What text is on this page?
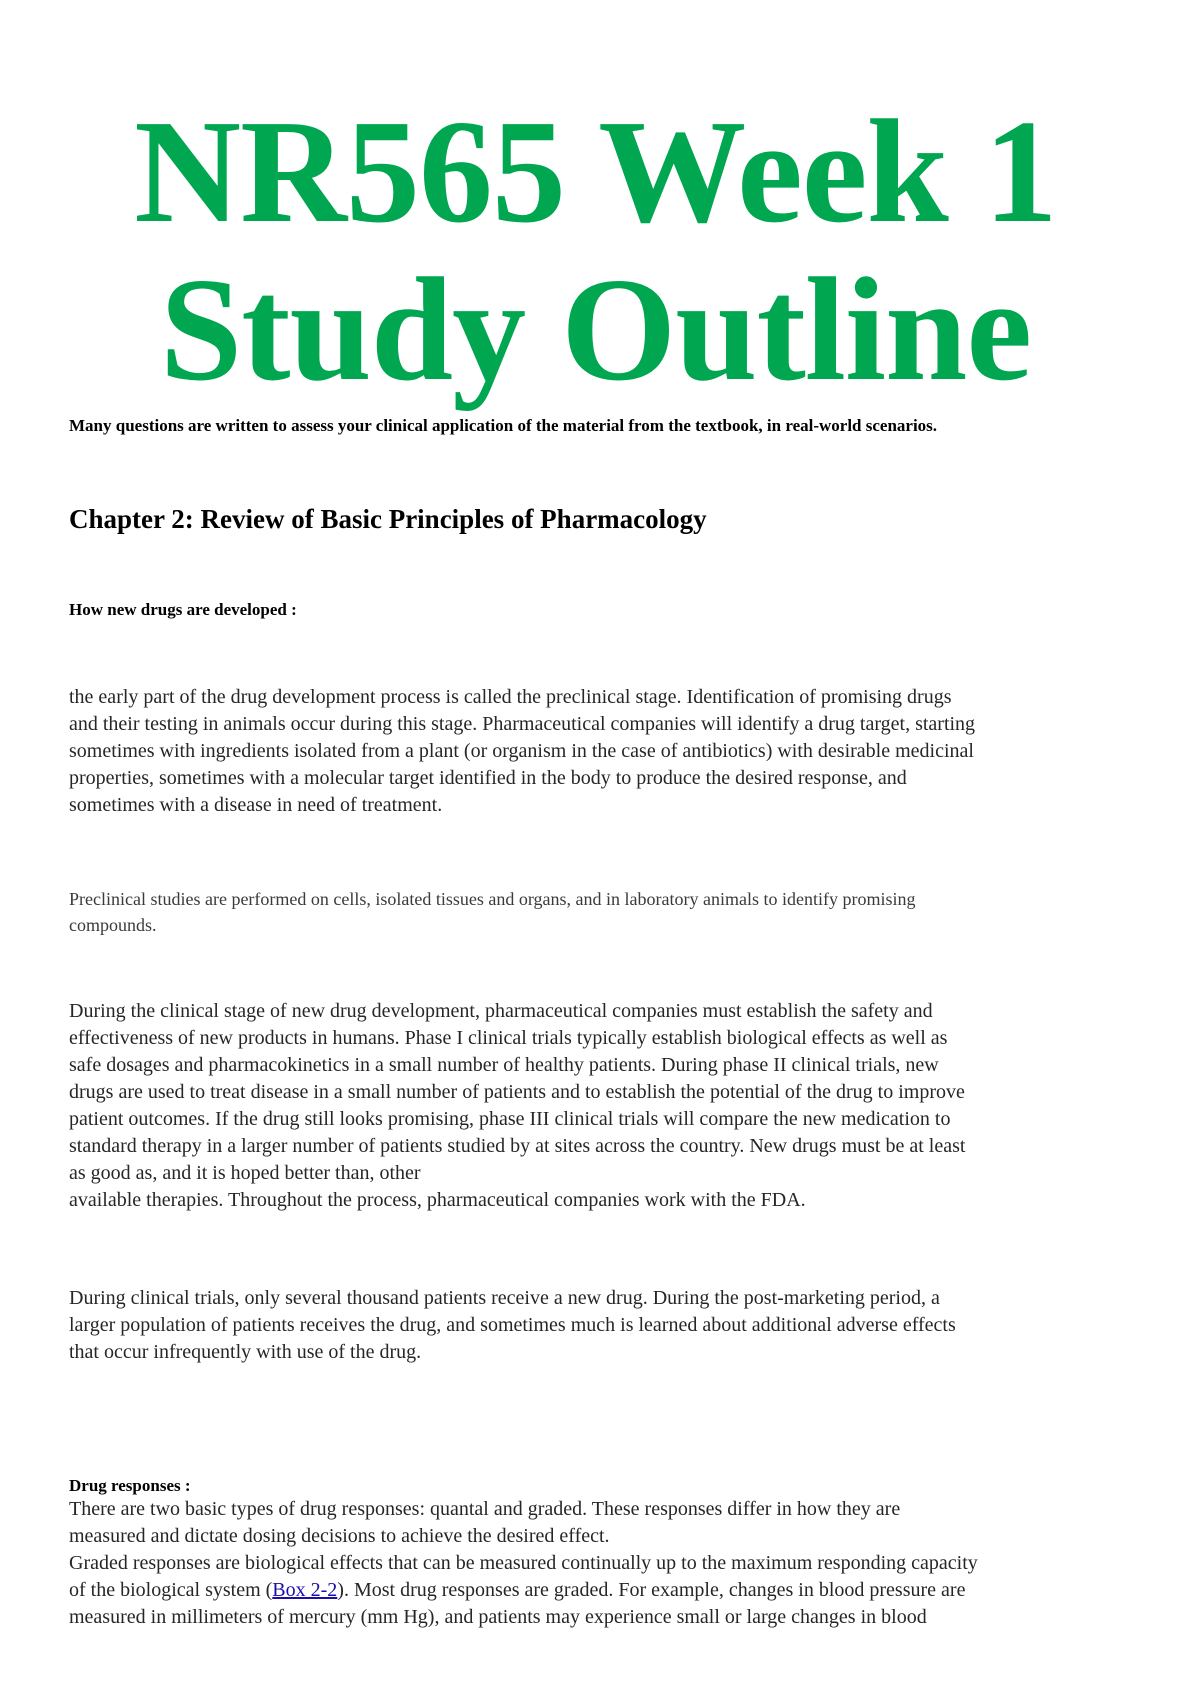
NR565 Week 1
Study Outline

Many questions are written to assess your clinical application of the material from the textbook, in real-world scenarios.

Chapter 2: Review of Basic Principles of Pharmacology
How new drugs are developed :

the early part of the drug development process is called the preclinical stage. Identification of promising drugs
and their testing in animals occur during this stage. Pharmaceutical companies will identify a drug target, starting
sometimes with ingredients isolated from a plant (or organism in the case of antibiotics) with desirable medicinal
properties, sometimes with a molecular target identified in the body to produce the desired response, and
sometimes with a disease in need of treatment.

Preclinical studies are performed on cells, isolated tissues and organs, and in laboratory animals to identify promising
compounds.

During the clinical stage of new drug development, pharmaceutical companies must establish the safety and
effectiveness of new products in humans. Phase I clinical trials typically establish biological effects as well as
safe dosages and pharmacokinetics in a small number of healthy patients. During phase II clinical trials, new
drugs are used to treat disease in a small number of patients and to establish the potential of the drug to improve
patient outcomes. If the drug still looks promising, phase III clinical trials will compare the new medication to
standard therapy in a larger number of patients studied by at sites across the country. New drugs must be at least
as good as, and it is hoped better than, other
available therapies. Throughout the process, pharmaceutical companies work with the FDA.

During clinical trials, only several thousand patients receive a new drug. During the post-marketing period, a
larger population of patients receives the drug, and sometimes much is learned about additional adverse effects
that occur infrequently with use of the drug.

Drug responses :

There are two basic types of drug responses: quantal and graded. These responses differ in how they are
measured and dictate dosing decisions to achieve the desired effect.
Graded responses are biological effects that can be measured continually up to the maximum responding capacity
of the biological system (Box 2-2). Most drug responses are graded. For example, changes in blood pressure are
measured in millimeters of mercury (mm Hg), and patients may experience small or large changes in blood
